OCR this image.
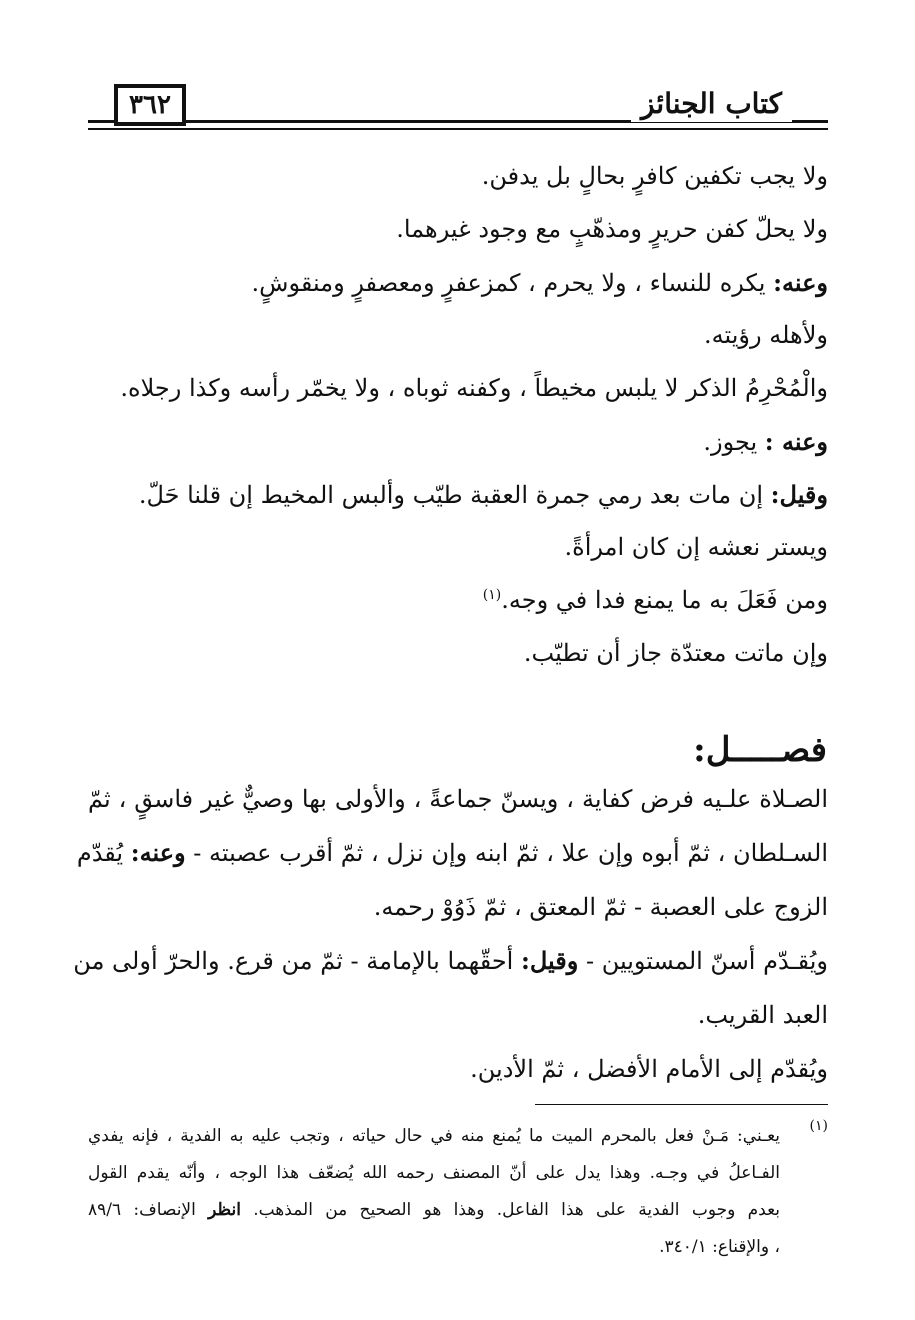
٣٦٢	كتاب الجنائز
ولا يجب تكفين كافرٍ بحالٍ بل يدفن.
ولا يحلّ كفن حريرٍ ومذهّبٍ مع وجود غيرهما.
وعنه: يكره للنساء ، ولا يحرم ، كمزعفرٍ ومعصفرٍ ومنقوشٍ.
ولأهله رؤيته.
والْمُحْرِمُ الذكر لا يلبس مخيطاً ، وكفنه ثوباه ، ولا يخمّر رأسه وكذا رجلاه.
وعنه : يجوز.
وقيل: إن مات بعد رمي جمرة العقبة طيّب وألبس المخيط إن قلنا حَلّ.
ويستر نعشه إن كان امرأةً.
ومن فَعَلَ به ما يمنع فدا في وجه.$^{(١)}$
وإن ماتت معتدّة جاز أن تطيّب.
فصـــــل:
الصـلاة علـيه فرض كفاية ، ويسنّ جماعةً ، والأولى بها وصيٌّ غير فاسقٍ ، ثمّ
السـلطان ، ثمّ أبوه وإن علا ، ثمّ ابنه وإن نزل ، ثمّ أقرب عصبته - وعنه: يُقدّم
الزوج على العصبة - ثمّ المعتق ، ثمّ ذَوُوْ رحمه.
ويُقـدّم أسنّ المستويين - وقيل: أحقّهما بالإمامة - ثمّ من قرع. والحرّ أولى من
العبد القريب.
ويُقدّم إلى الأمام الأفضل ، ثمّ الأدين.
(١)
يعـني: مَـنْ فعل بالمحرم الميت ما يُمنع منه في حال حياته ، وتجب عليه به الفدية ، فإنه يفدي
الفـاعلُ في وجـه. وهذا يدل على أنّ المصنف رحمه الله يُضعّف هذا الوجه ، وأنّه يقدم القول
بعدم وجوب الفدية على هذا الفاعل. وهذا هو الصحيح من المذهب. انظر الإنصاف: ٨٩/٦
، والإقناع: ٣٤٠/١.
